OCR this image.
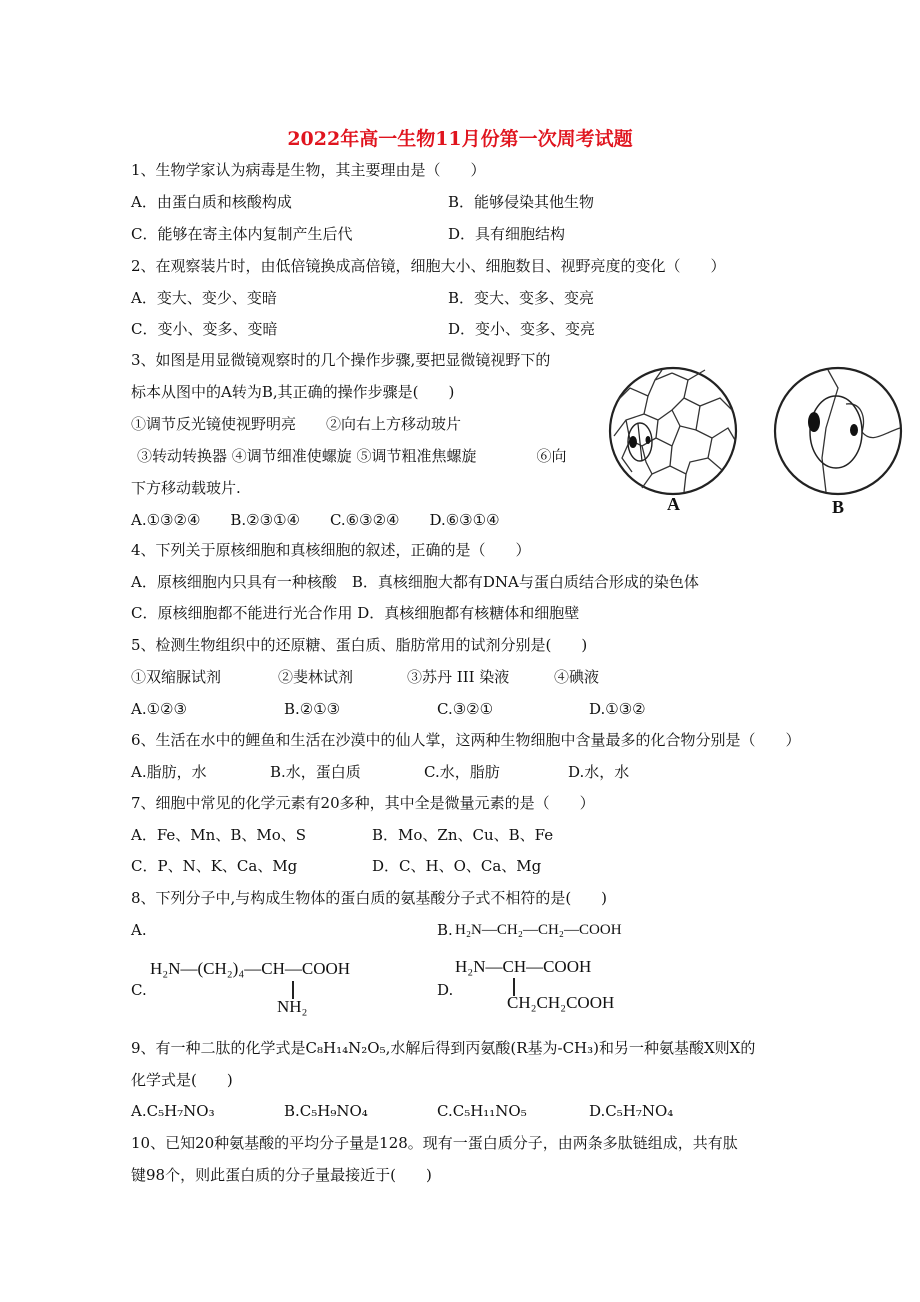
2022年高一生物11月份第一次周考试题
1、生物学家认为病毒是生物，其主要理由是（　　）
A．由蛋白质和核酸构成	B．能够侵染其他生物
C．能够在寄主体内复制产生后代	D．具有细胞结构
2、在观察装片时，由低倍镜换成高倍镜，细胞大小、细胞数目、视野亮度的变化（　　）
A．变大、变少、变暗	B．变大、变多、变亮
C．变小、变多、变暗	D．变小、变多、变亮
3、如图是用显微镜观察时的几个操作步骤,要把显微镜视野下的
标本从图中的A转为B,其正确的操作步骤是(　　)
①调节反光镜使视野明亮　　②向右上方移动玻片
③转动转换器 ④调节细准使螺旋 ⑤调节粗准焦螺旋　　　　⑥向
下方移动载玻片.
A.①③②④　　B.②③①④　　C.⑥③②④　　D.⑥③①④
A	B
4、下列关于原核细胞和真核细胞的叙述，正确的是（　　）
A．原核细胞内只具有一种核酸　B．真核细胞大都有DNA与蛋白质结合形成的染色体
C．原核细胞都不能进行光合作用 D．真核细胞都有核糖体和细胞壁
5、检测生物组织中的还原糖、蛋白质、脂肪常用的试剂分别是(　　)
①双缩脲试剂	②斐林试剂	③苏丹 III 染液	④碘液
A.①②③	B.②①③	C.③②①	D.①③②
6、生活在水中的鲤鱼和生活在沙漠中的仙人掌，这两种生物细胞中含量最多的化合物分别是（　　）
A.脂肪，水	B.水，蛋白质	C.水，脂肪	D.水，水
7、细胞中常见的化学元素有20多种，其中全是微量元素的是（　　）
A．Fe、Mn、B、Mo、S	B．Mo、Zn、Cu、B、Fe
C．P、N、K、Ca、Mg	D．C、H、O、Ca、Mg
8、下列分子中,与构成生物体的蛋白质的氨基酸分子式不相符的是(　　)
A.	B. H₂N—CH₂—CH₂—COOH
C.
H₂N—(CH₂)₄—CH—COOH
NH₂
D.
H₂N—CH—COOH
CH₂CH₂COOH
9、有一种二肽的化学式是C₈H₁₄N₂O₅,水解后得到丙氨酸(R基为-CH₃)和另一种氨基酸X则X的
化学式是(　　)
A.C₅H₇NO₃	B.C₅H₉NO₄	C.C₅H₁₁NO₅	D.C₅H₇NO₄
10、已知20种氨基酸的平均分子量是128。现有一蛋白质分子，由两条多肽链组成，共有肽
键98个，则此蛋白质的分子量最接近于(　　)
